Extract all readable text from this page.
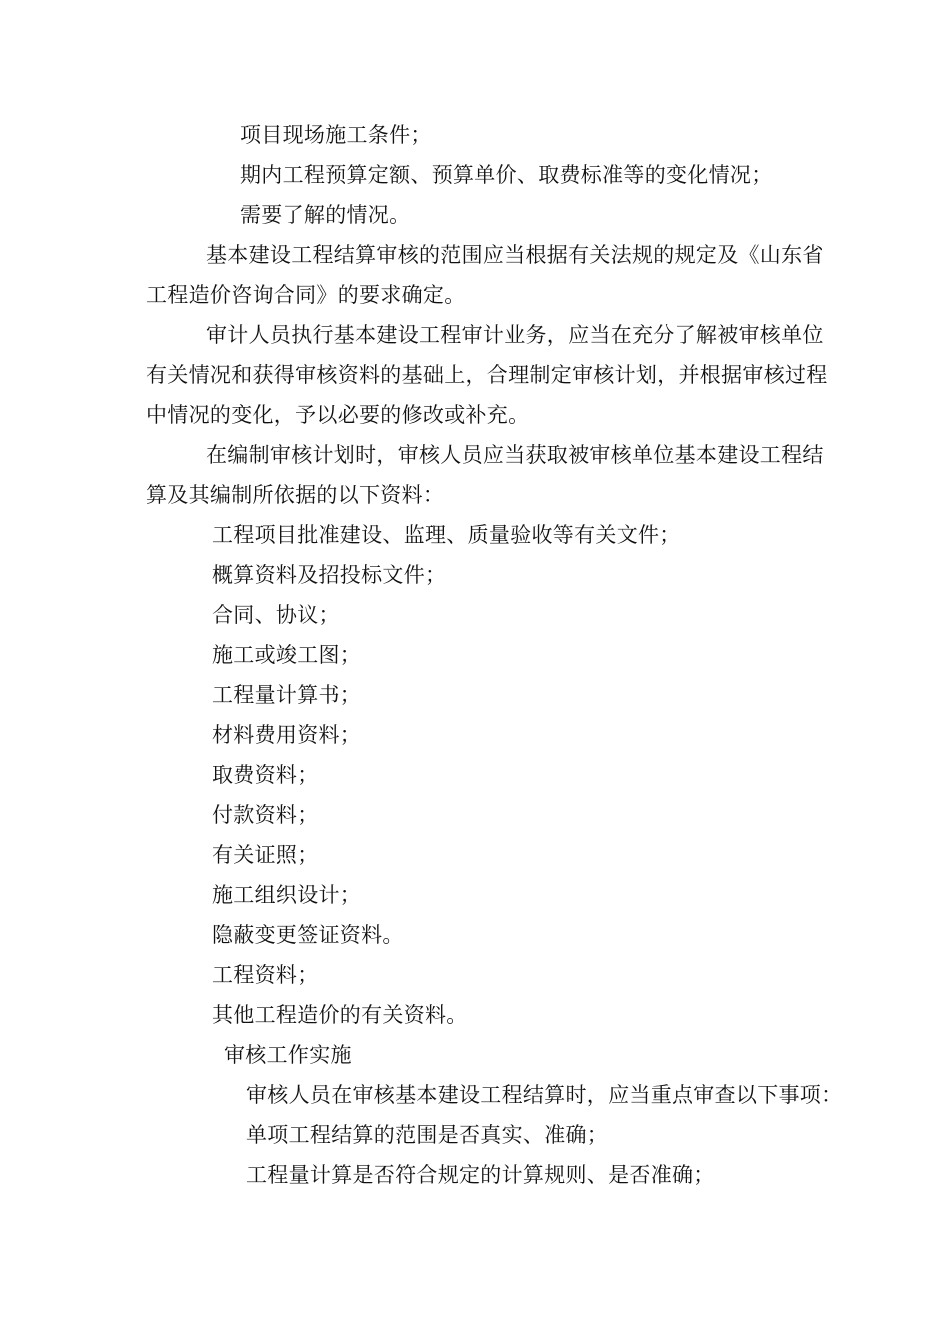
项目现场施工条件；
期内工程预算定额、预算单价、取费标准等的变化情况；
需要了解的情况。
基本建设工程结算审核的范围应当根据有关法规的规定及《山东省
工程造价咨询合同》的要求确定。
审计人员执行基本建设工程审计业务，应当在充分了解被审核单位
有关情况和获得审核资料的基础上，合理制定审核计划，并根据审核过程
中情况的变化，予以必要的修改或补充。
在编制审核计划时，审核人员应当获取被审核单位基本建设工程结
算及其编制所依据的以下资料：
工程项目批准建设、监理、质量验收等有关文件；
概算资料及招投标文件；
合同、协议；
施工或竣工图；
工程量计算书；
材料费用资料；
取费资料；
付款资料；
有关证照；
施工组织设计；
隐蔽变更签证资料。
工程资料；
其他工程造价的有关资料。
审核工作实施
审核人员在审核基本建设工程结算时，应当重点审查以下事项：
单项工程结算的范围是否真实、准确；
工程量计算是否符合规定的计算规则、是否准确；
